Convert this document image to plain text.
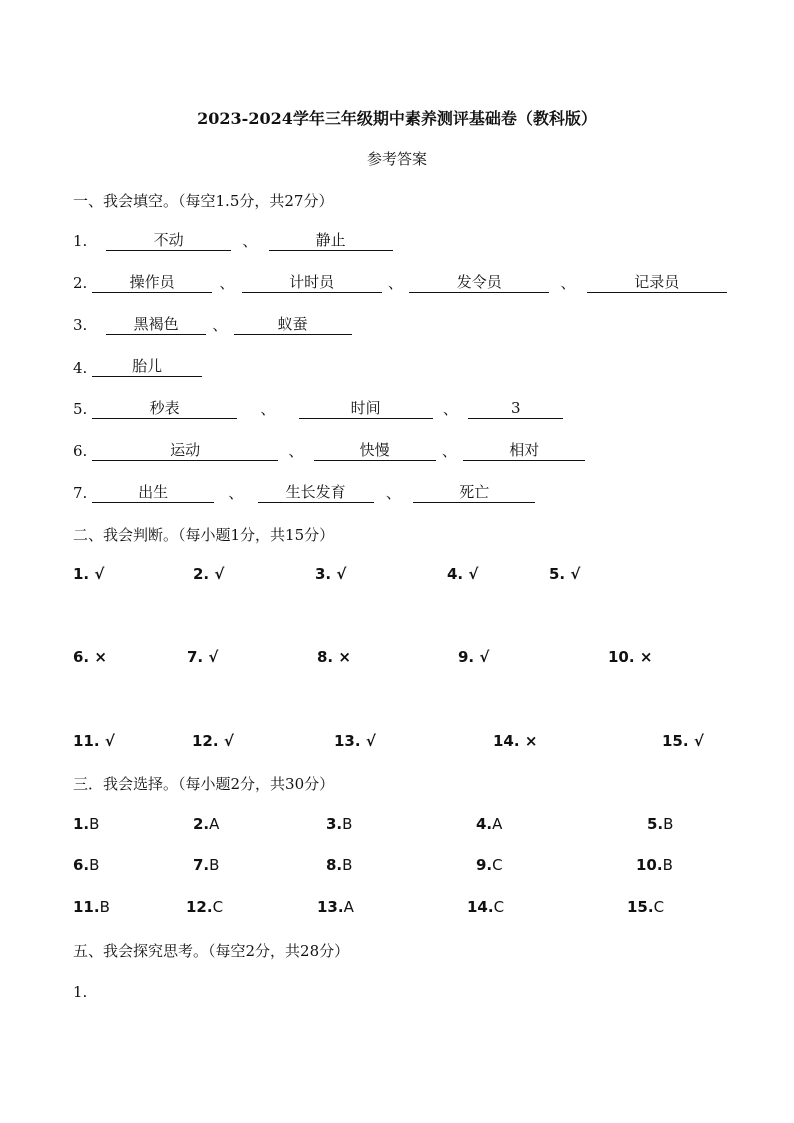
2023-2024学年三年级期中素养测评基础卷（教科版）
参考答案
一、我会填空。（每空1.5分，共27分）
1.	不动	、	静止
2.	操作员	、	计时员	、	发令员	、	记录员
3.	黑褐色 、	蚁蚕
4.	胎儿
5.	秒表	、	时间	、	3
6.	运动	、	快慢	、	相对
7.	出生	、	生长发育	、	死亡
二、我会判断。（每小题1分，共15分）
1. √	2. √	3. √	4. √	5. √
6. ×	7. √	8. ×	9. √	10. ×
11. √	12. √	13. √	14. ×	15. √
三．我会选择。（每小题2分，共30分）
1.B	2.A	3.B	4.A	5.B
6.B	7.B	8.B	9.C	10.B
11.B	12.C	13.A	14.C	15.C
五、我会探究思考。（每空2分，共28分）
1.
